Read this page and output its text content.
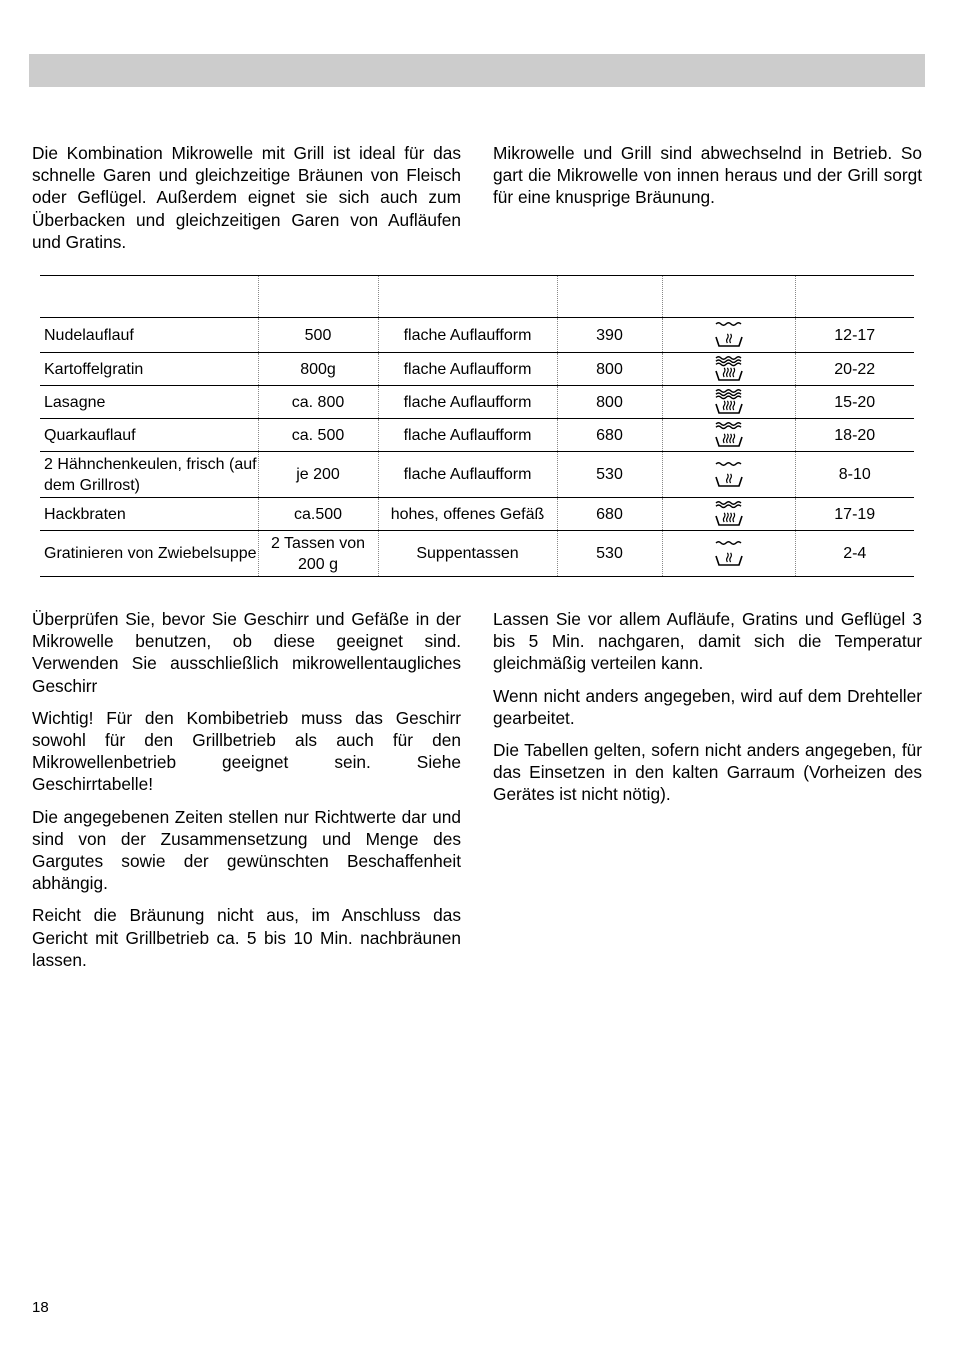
Die Kombination Mikrowelle mit Grill ist ideal für das schnelle Garen und gleichzeitige Bräunen von Fleisch oder Geflügel. Außerdem eignet sie sich auch zum Überbacken und gleichzeitigen Garen von Aufläufen und Gratins.

Mikrowelle und Grill sind abwechselnd in Betrieb. So gart die Mikrowelle von innen heraus und der Grill sorgt für eine knusprige Bräunung.

Nudelauflauf	500	flache Auflaufform	390		12-17
Kartoffelgratin	800g	flache Auflaufform	800		20-22
Lasagne	ca. 800	flache Auflaufform	800		15-20
Quarkauflauf	ca. 500	flache Auflaufform	680		18-20
2 Hähnchenkeulen, frisch (auf dem Grillrost)	je 200	flache Auflaufform	530		8-10
Hackbraten	ca.500	hohes, offenes Gefäß	680		17-19
Gratinieren von Zwiebelsuppe	2 Tassen von 200 g	Suppentassen	530		2-4

Überprüfen Sie, bevor Sie Geschirr und Gefäße in der Mikrowelle benutzen, ob diese geeignet sind. Verwenden Sie ausschließlich mikrowellentaugliches Geschirr

Wichtig! Für den Kombibetrieb muss das Geschirr sowohl für den Grillbetrieb als auch für den Mikrowellenbetrieb geeignet sein. Siehe Geschirrtabelle!

Die angegebenen Zeiten stellen nur Richtwerte dar und sind von der Zusammensetzung und Menge des Gargutes sowie der gewünschten Beschaffenheit abhängig.

Reicht die Bräunung nicht aus, im Anschluss das Gericht mit Grillbetrieb ca. 5 bis 10 Min. nachbräunen lassen.

Lassen Sie vor allem Aufläufe, Gratins und Geflügel 3 bis 5 Min. nachgaren, damit sich die Temperatur gleichmäßig verteilen kann.

Wenn nicht anders angegeben, wird auf dem Drehteller gearbeitet.

Die Tabellen gelten, sofern nicht anders angegeben, für das Einsetzen in den kalten Garraum (Vorheizen des Gerätes ist nicht nötig).

18
